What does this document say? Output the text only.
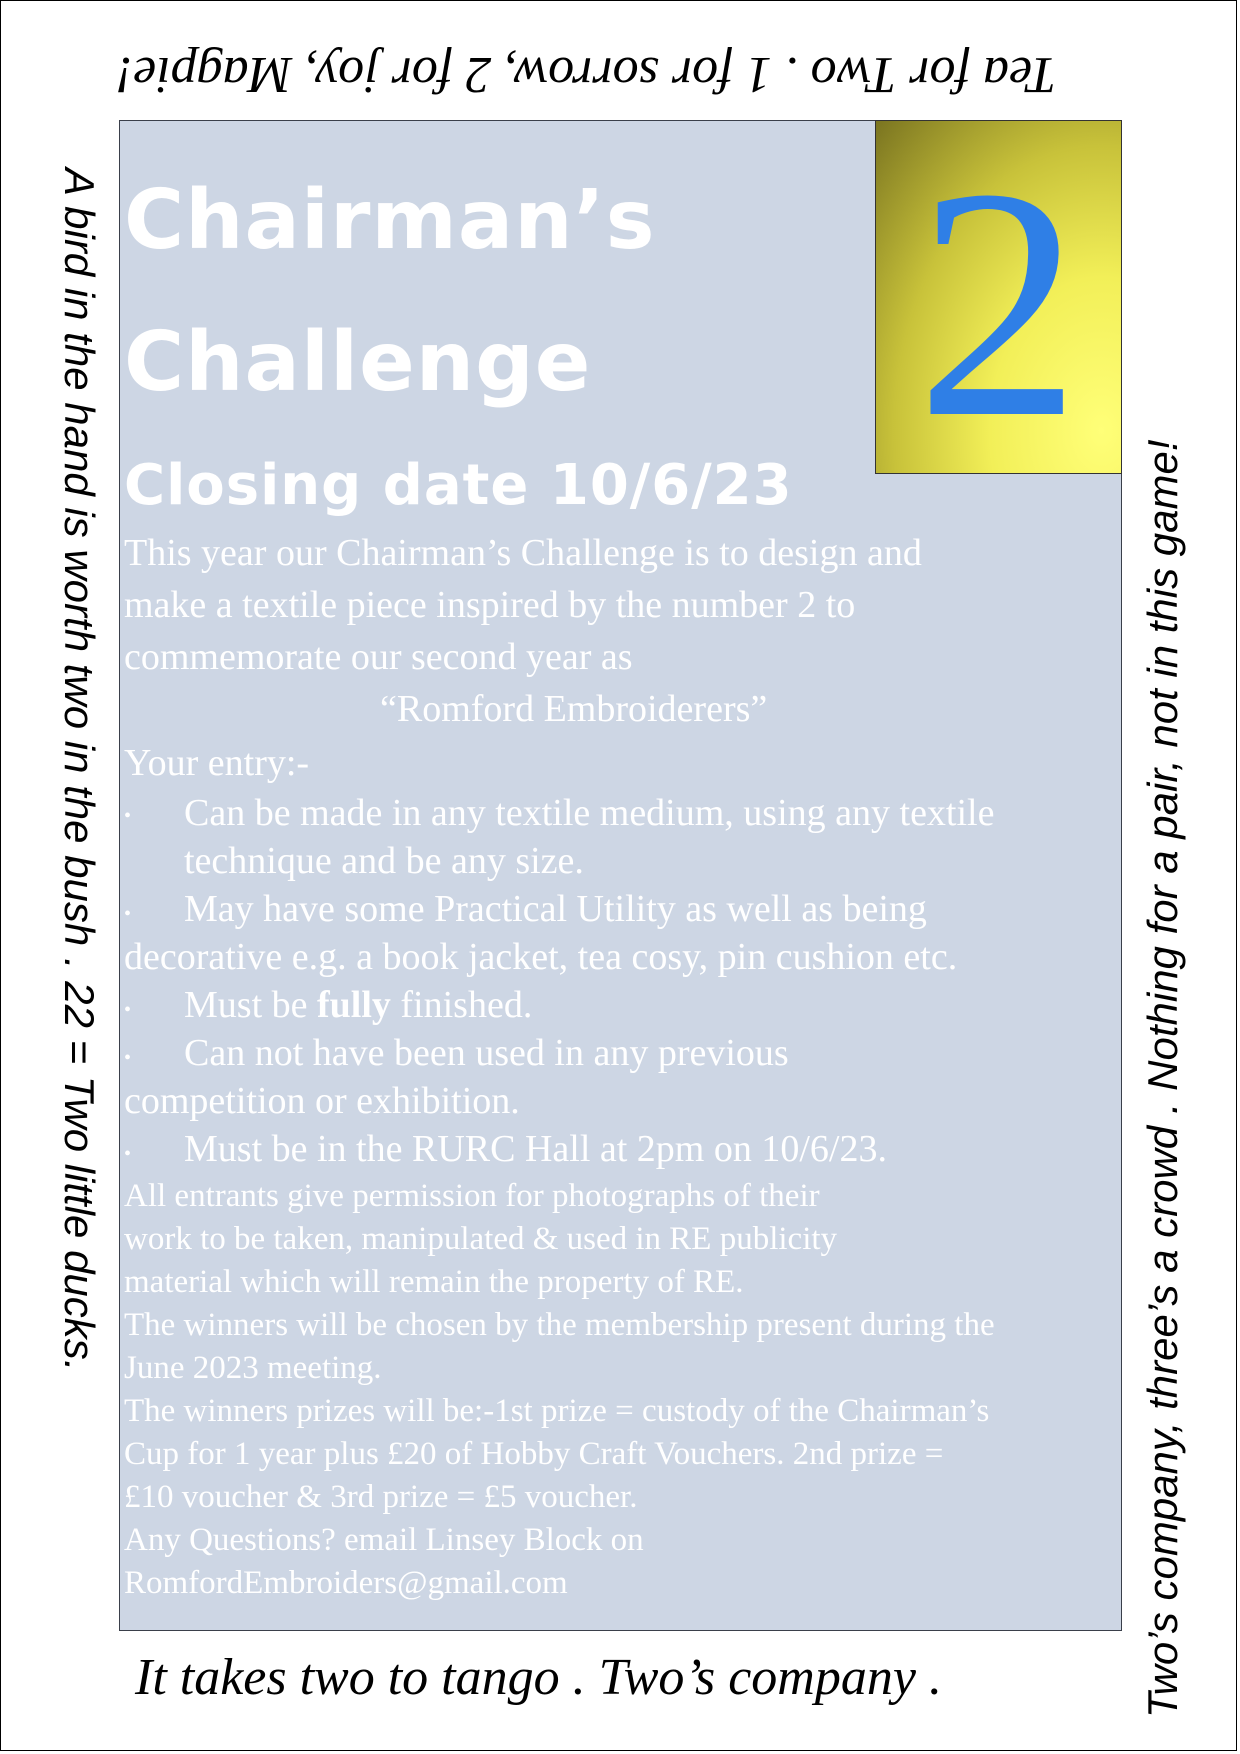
Tea for Two . 1 for sorrow, 2 for joy, Magpie!
A bird in the hand is worth two in the bush . 22 = Two little ducks.	Two’s company, three’s a crowd . Nothing for a pair, not in this game!
It takes two to tango . Two’s company .
2
Chairman’s
Challenge
Closing date 10/6/23
This year our Chairman’s Challenge is to design and
make a textile piece inspired by the number 2 to
commemorate our second year as
“Romford Embroiderers”
Your entry:-
• Can be made in any textile medium, using any textile
technique and be any size.
• May have some Practical Utility as well as being
decorative e.g. a book jacket, tea cosy, pin cushion etc.
• Must be fully finished.
• Can not have been used in any previous
competition or exhibition.
• Must be in the RURC Hall at 2pm on 10/6/23.
All entrants give permission for photographs of their
work to be taken, manipulated & used in RE publicity
material which will remain the property of RE.
The winners will be chosen by the membership present during the
June 2023 meeting.
The winners prizes will be:-1st prize = custody of the Chairman’s
Cup for 1 year plus £20 of Hobby Craft Vouchers. 2nd prize =
£10 voucher & 3rd prize = £5 voucher.
Any Questions? email Linsey Block on
RomfordEmbroiders@gmail.com
